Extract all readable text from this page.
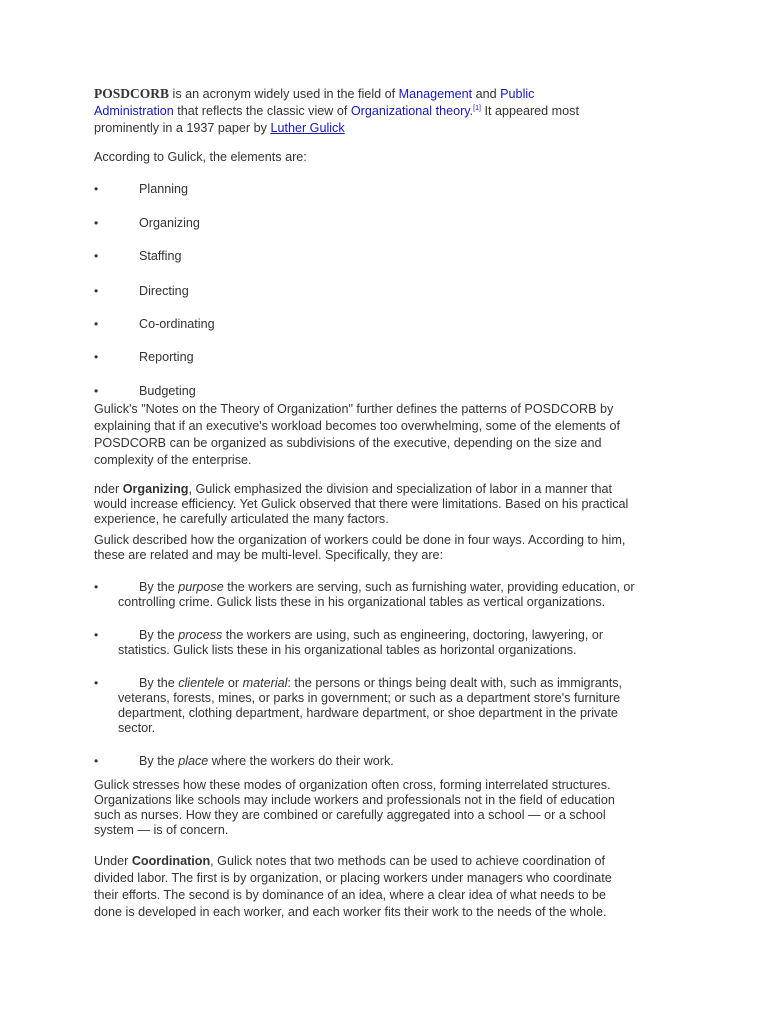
POSDCORB is an acronym widely used in the field of Management and Public
Administration that reflects the classic view of Organizational theory.[1] It appeared most
prominently in a 1937 paper by Luther Gulick
According to Gulick, the elements are:
•	Planning
•	Organizing
•	Staffing
•	Directing
•	Co-ordinating
•	Reporting
•	Budgeting
Gulick's "Notes on the Theory of Organization" further defines the patterns of POSDCORB by
explaining that if an executive's workload becomes too overwhelming, some of the elements of
POSDCORB can be organized as subdivisions of the executive, depending on the size and
complexity of the enterprise.
nder Organizing, Gulick emphasized the division and specialization of labor in a manner that
would increase efficiency. Yet Gulick observed that there were limitations. Based on his practical
experience, he carefully articulated the many factors.
Gulick described how the organization of workers could be done in four ways. According to him,
these are related and may be multi-level. Specifically, they are:
•	By the purpose the workers are serving, such as furnishing water, providing education, or
controlling crime. Gulick lists these in his organizational tables as vertical organizations.
•	By the process the workers are using, such as engineering, doctoring, lawyering, or
statistics. Gulick lists these in his organizational tables as horizontal organizations.
•	By the clientele or material: the persons or things being dealt with, such as immigrants,
veterans, forests, mines, or parks in government; or such as a department store's furniture
department, clothing department, hardware department, or shoe department in the private
sector.
•	By the place where the workers do their work.
Gulick stresses how these modes of organization often cross, forming interrelated structures.
Organizations like schools may include workers and professionals not in the field of education
such as nurses. How they are combined or carefully aggregated into a school — or a school
system — is of concern.
Under Coordination, Gulick notes that two methods can be used to achieve coordination of
divided labor. The first is by organization, or placing workers under managers who coordinate
their efforts. The second is by dominance of an idea, where a clear idea of what needs to be
done is developed in each worker, and each worker fits their work to the needs of the whole.
